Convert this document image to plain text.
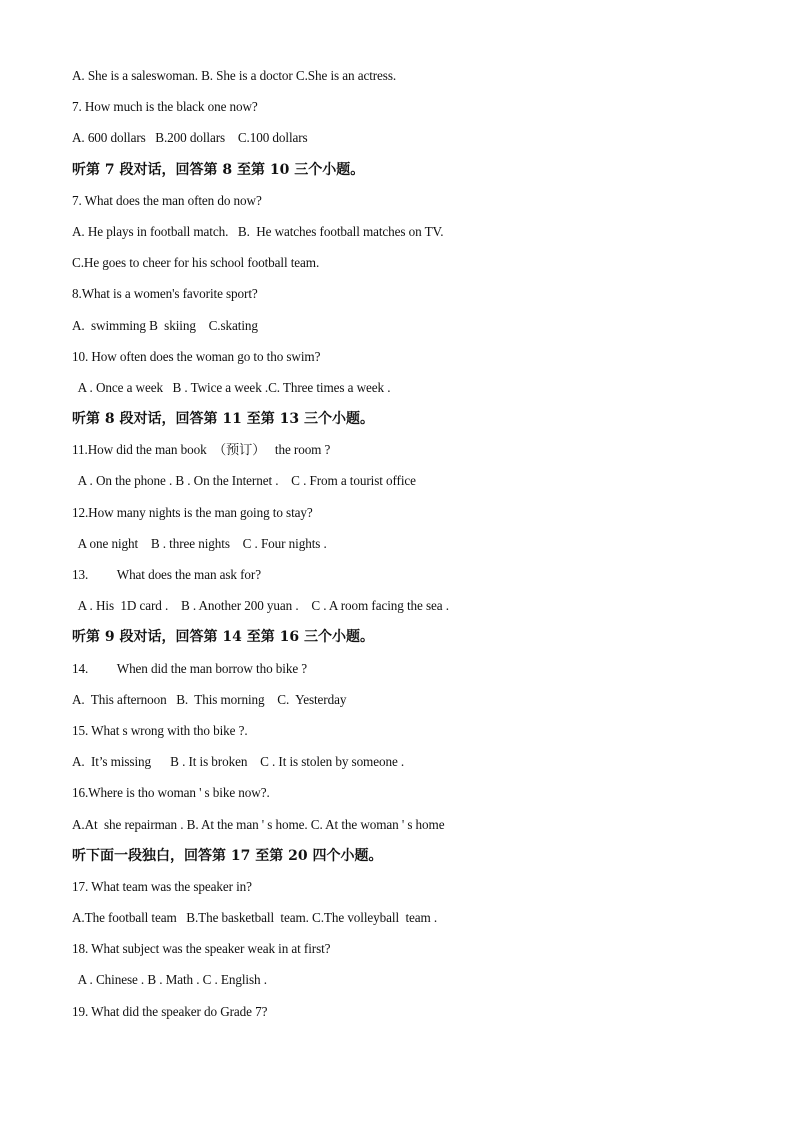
A. She is a saleswoman. B. She is a doctor C.She is an actress.
7. How much is the black one now?
A. 600 dollars   B.200 dollars    C.100 dollars
听第 7 段对话，回答第 8 至第 10 三个小题。
7. What does the man often do now?
A. He plays in football match.   B.  He watches football matches on TV.
C.He goes to cheer for his school football team.
8.What is a women's favorite sport?
A.  swimming B  skiing    C.skating
10. How often does the woman go to tho swim?
A . Once a week   B . Twice a week .C. Three times a week .
听第 8 段对话，回答第 11 至第 13 三个小题。
11.How did the man book  （预订）   the room ?
A . On the phone . B . On the Internet .    C . From a tourist office
12.How many nights is the man going to stay?
A one night    B . three nights    C . Four nights .
13.         What does the man ask for?
A . His  1D card .    B . Another 200 yuan .    C . A room facing the sea .
听第 9 段对话，回答第 14 至第 16 三个小题。
14.         When did the man borrow tho bike ?
A.  This afternoon   B.  This morning    C.  Yesterday
15. What s wrong with tho bike ?.
A.  It’s missing      B . It is broken    C . It is stolen by someone .
16.Where is tho woman ' s bike now?.
A.At  she repairman . B. At the man ' s home. C. At the woman ' s home
听下面一段独白，回答第 17 至第 20 四个小题。
17. What team was the speaker in?
A.The football team   B.The basketball  team. C.The volleyball  team .
18. What subject was the speaker weak in at first?
A . Chinese . B . Math . C . English .
19. What did the speaker do Grade 7?
